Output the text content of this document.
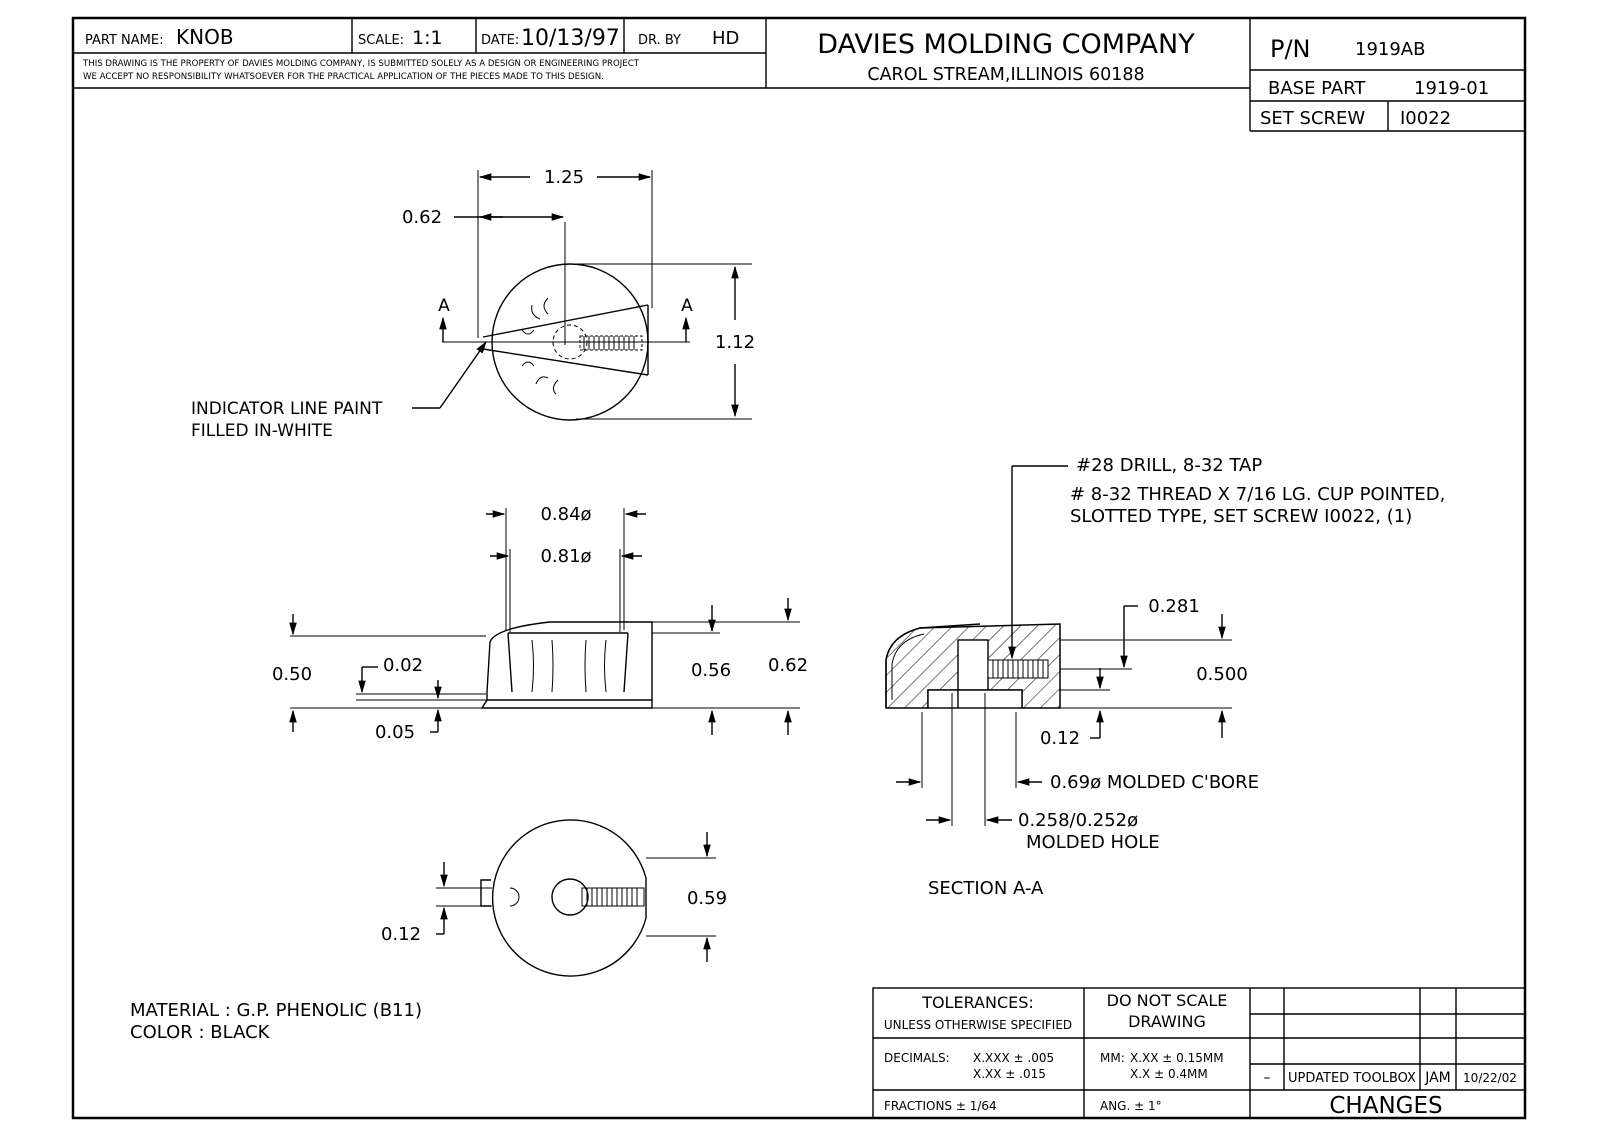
PART NAME: KNOB	SCALE: 1:1	DATE: 10/13/97 DR. BY HD
THIS DRAWING IS THE PROPERTY OF DAVIES MOLDING COMPANY, IS SUBMITTED SOLELY AS A DESIGN OR ENGINEERING PROJECT
WE ACCEPT NO RESPONSIBILITY WHATSOEVER FOR THE PRACTICAL APPLICATION OF THE PIECES MADE TO THIS DESIGN.
DAVIES MOLDING COMPANY
CAROL STREAM,ILLINOIS 60188
P/N 1919AB
BASE PART	1919-01
SET SCREW I0022
A	A
1.25
0.62
1.12
INDICATOR LINE PAINT
FILLED IN-WHITE
0.84ø
0.81ø
0.50	0.02
0.05
0.56 0.62
0.59
0.12
#28 DRILL, 8-32 TAP
# 8-32 THREAD X 7/16 LG. CUP POINTED,
SLOTTED TYPE, SET SCREW I0022, (1)
0.281
0.500
0.12
0.69ø MOLDED C'BORE
0.258/0.252ø
MOLDED HOLE
SECTION A-A
MATERIAL : G.P. PHENOLIC (B11)
COLOR : BLACK
TOLERANCES:
UNLESS OTHERWISE SPECIFIED
DO NOT SCALE
DRAWING
DECIMALS: X.XXX ± .005
X.XX ± .015
MM: X.XX ± 0.15MM
X.X ± 0.4MM
FRACTIONS ± 1/64	ANG. ± 1°
– UPDATED TOOLBOX JAM 10/22/02
CHANGES
